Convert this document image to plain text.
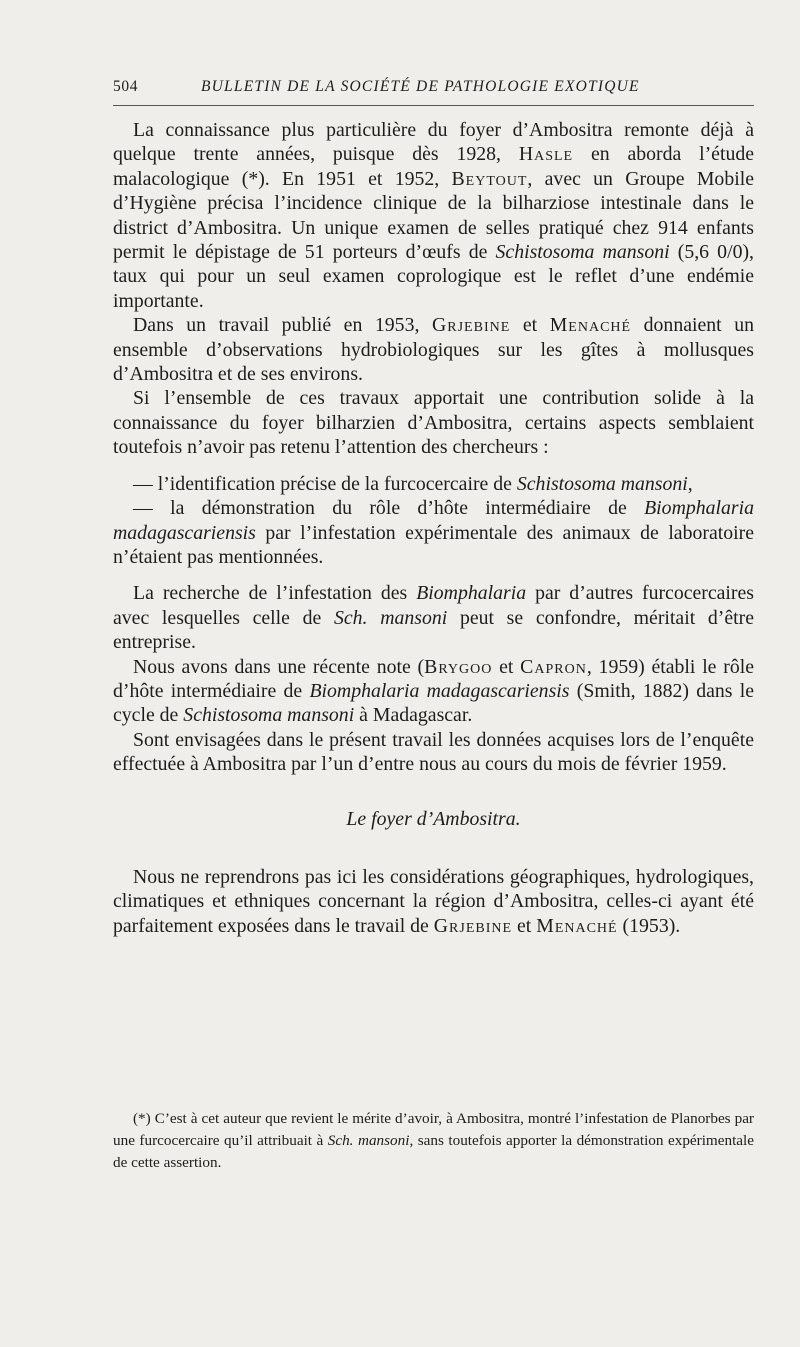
504	BULLETIN DE LA SOCIÉTÉ DE PATHOLOGIE EXOTIQUE

La connaissance plus particulière du foyer d’Ambositra remonte déjà à quelque trente années, puisque dès 1928, Hasle en aborda l’étude malacologique (*). En 1951 et 1952, Beytout, avec un Groupe Mobile d’Hygiène précisa l’incidence clinique de la bilharziose intestinale dans le district d’Ambositra. Un unique examen de selles pratiqué chez 914 enfants permit le dépistage de 51 porteurs d’œufs de Schistosoma mansoni (5,6 0/0), taux qui pour un seul examen coprologique est le reflet d’une endémie importante.

Dans un travail publié en 1953, Grjebine et Menaché donnaient un ensemble d’observations hydrobiologiques sur les gîtes à mollusques d’Ambositra et de ses environs.

Si l’ensemble de ces travaux apportait une contribution solide à la connaissance du foyer bilharzien d’Ambositra, certains aspects semblaient toutefois n’avoir pas retenu l’attention des chercheurs :

— l’identification précise de la furcocercaire de Schistosoma mansoni,

— la démonstration du rôle d’hôte intermédiaire de Biomphalaria madagascariensis par l’infestation expérimentale des animaux de laboratoire n’étaient pas mentionnées.

La recherche de l’infestation des Biomphalaria par d’autres furcocercaires avec lesquelles celle de Sch. mansoni peut se confondre, méritait d’être entreprise.

Nous avons dans une récente note (Brygoo et Capron, 1959) établi le rôle d’hôte intermédiaire de Biomphalaria madagascariensis (Smith, 1882) dans le cycle de Schistosoma mansoni à Madagascar.

Sont envisagées dans le présent travail les données acquises lors de l’enquête effectuée à Ambositra par l’un d’entre nous au cours du mois de février 1959.

Le foyer d’Ambositra.

Nous ne reprendrons pas ici les considérations géographiques, hydrologiques, climatiques et ethniques concernant la région d’Ambositra, celles-ci ayant été parfaitement exposées dans le travail de Grjebine et Menaché (1953).

(*) C’est à cet auteur que revient le mérite d’avoir, à Ambositra, montré l’infestation de Planorbes par une furcocercaire qu’il attribuait à Sch. mansoni, sans toutefois apporter la démonstration expérimentale de cette assertion.
